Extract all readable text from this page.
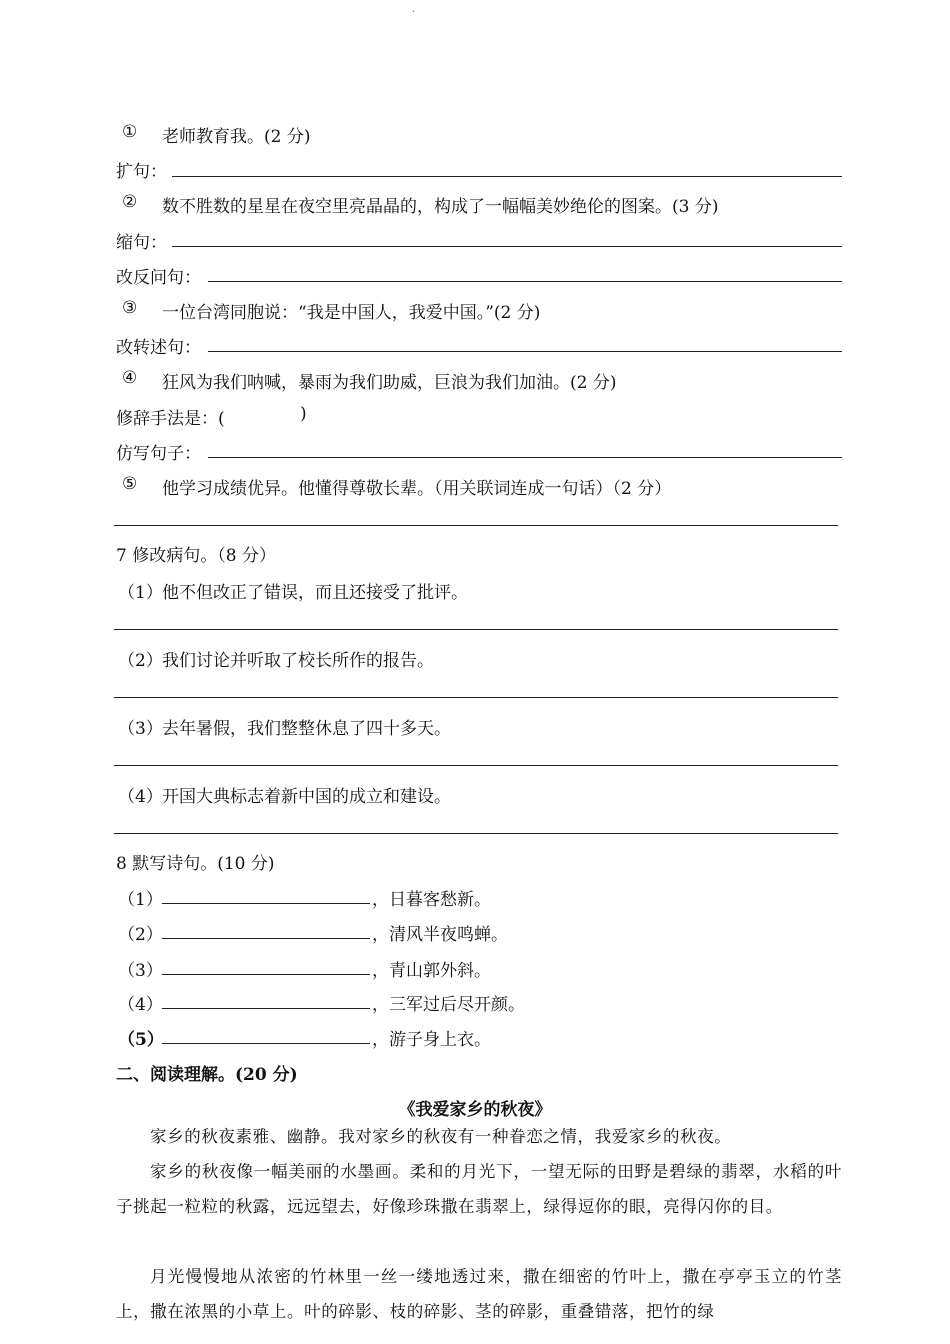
.
① 老师教育我。(2 分)
扩句：
② 数不胜数的星星在夜空里亮晶晶的，构成了一幅幅美妙绝伦的图案。(3 分)
缩句：
改反问句：
③ 一位台湾同胞说：“我是中国人，我爱中国。”(2 分)
改转述句：
④ 狂风为我们呐喊，暴雨为我们助威，巨浪为我们加油。(2 分)
修辞手法是：(	)
仿写句子：
⑤ 他学习成绩优异。他懂得尊敬长辈。（用关联词连成一句话）（2 分）
7 修改病句。（8 分）
（1） 他不但改正了错误，而且还接受了批评。
（2） 我们讨论并听取了校长所作的报告。
（3） 去年暑假，我们整整休息了四十多天。
（4） 开国大典标志着新中国的成立和建设。
8 默写诗句。(10 分)
（1）	，日暮客愁新。
（2）	，清风半夜鸣蝉。
（3）	，青山郭外斜。
（4）	，三军过后尽开颜。
（5）	，游子身上衣。
二、阅读理解。(20 分)
《我爱家乡的秋夜》
家乡的秋夜素雅、幽静。我对家乡的秋夜有一种眷恋之情，我爱家乡的秋夜。
家乡的秋夜像一幅美丽的水墨画。柔和的月光下，一望无际的田野是碧绿的翡翠，水稻的叶子挑起一粒粒的秋露，远远望去，好像珍珠撒在翡翠上，绿得逗你的眼，亮得闪你的目。
月光慢慢地从浓密的竹林里一丝一缕地透过来，撒在细密的竹叶上，撒在亭亭玉立的竹茎上，撒在浓黑的小草上。叶的碎影、枝的碎影、茎的碎影，重叠错落，把竹的绿
